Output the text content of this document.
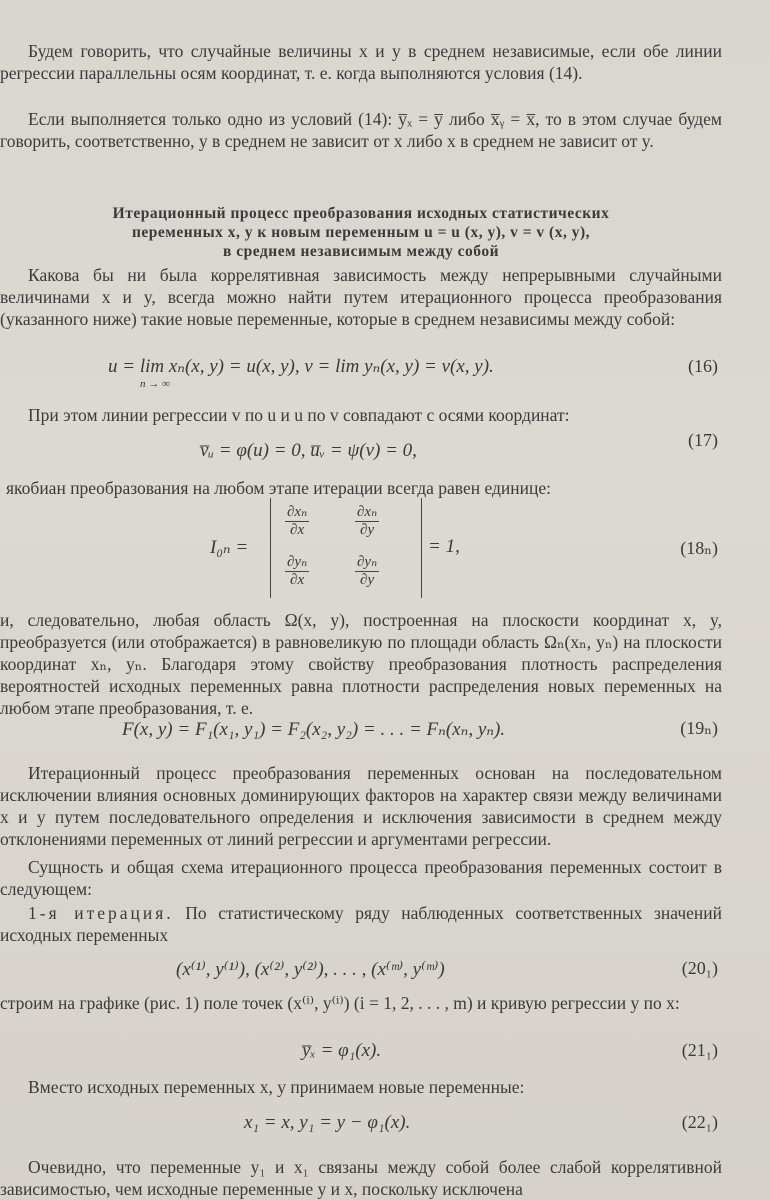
Будем говорить, что случайные величины x и y в среднем независимые, если обе линии регрессии параллельны осям координат, т. е. когда выполняются условия (14).

Если выполняется только одно из условий (14): y̅ₓ = y̅ либо x̅ᵧ = x̅, то в этом случае будем говорить, соответственно, y в среднем не зависит от x либо x в среднем не зависит от y.

Итерационный процесс преобразования исходных статистических
переменных x, y к новым переменным u = u (x, y), v = v (x, y),
в среднем независимым между собой

Какова бы ни была коррелятивная зависимость между непрерывными случайными величинами x и y, всегда можно найти путем итерационного процесса преобразования (указанного ниже) такие новые переменные, которые в среднем независимы между собой:

u = lim xₙ(x, y) = u(x, y), v = lim yₙ(x, y) = v(x, y).
n → ∞
(16)

При этом линии регрессии v по u и u по v совпадают с осями координат:

v̅ᵤ = φ(u) = 0, u̅ᵥ = ψ(v) = 0,	(17)

якобиан преобразования на любом этапе итерации всегда равен единице:

I₀ₙ =
$\frac{\text{∂xₙ}}{\partial x}$	$\frac{\text{∂xₙ}}{\partial y}$
$\frac{\text{∂yₙ}}{\partial x}$	$\frac{\text{∂yₙ}}{\partial y}$
= 1,	(18ₙ)

и, следовательно, любая область Ω(x, y), построенная на плоскости координат x, y, преобразуется (или отображается) в равновеликую по площади область Ωₙ(xₙ, yₙ) на плоскости координат xₙ, yₙ. Благодаря этому свойству преобразования плотность распределения вероятностей исходных переменных равна плотности распределения новых переменных на любом этапе преобразования, т. е.

F(x, y) = F₁(x₁, y₁) = F₂(x₂, y₂) = . . . = Fₙ(xₙ, yₙ).	(19ₙ)

Итерационный процесс преобразования переменных основан на последовательном исключении влияния основных доминирующих факторов на характер связи между величинами x и y путем последовательного определения и исключения зависимости в среднем между отклонениями переменных от линий регрессии и аргументами регрессии.

Сущность и общая схема итерационного процесса преобразования переменных состоит в следующем:

1-я итерация. По статистическому ряду наблюденных соответственных значений исходных переменных

(x⁽¹⁾, y⁽¹⁾), (x⁽²⁾, y⁽²⁾), . . . , (x⁽ᵐ⁾, y⁽ᵐ⁾)	(20₁)

строим на графике (рис. 1) поле точек (x⁽ⁱ⁾, y⁽ⁱ⁾) (i = 1, 2, . . . , m) и кривую регрессии y по x:

y̅ₓ = φ₁(x).	(21₁)

Вместо исходных переменных x, y принимаем новые переменные:

x₁ = x, y₁ = y − φ₁(x).	(22₁)

Очевидно, что переменные y₁ и x₁ связаны между собой более слабой коррелятивной зависимостью, чем исходные переменные y и x, поскольку исключена
